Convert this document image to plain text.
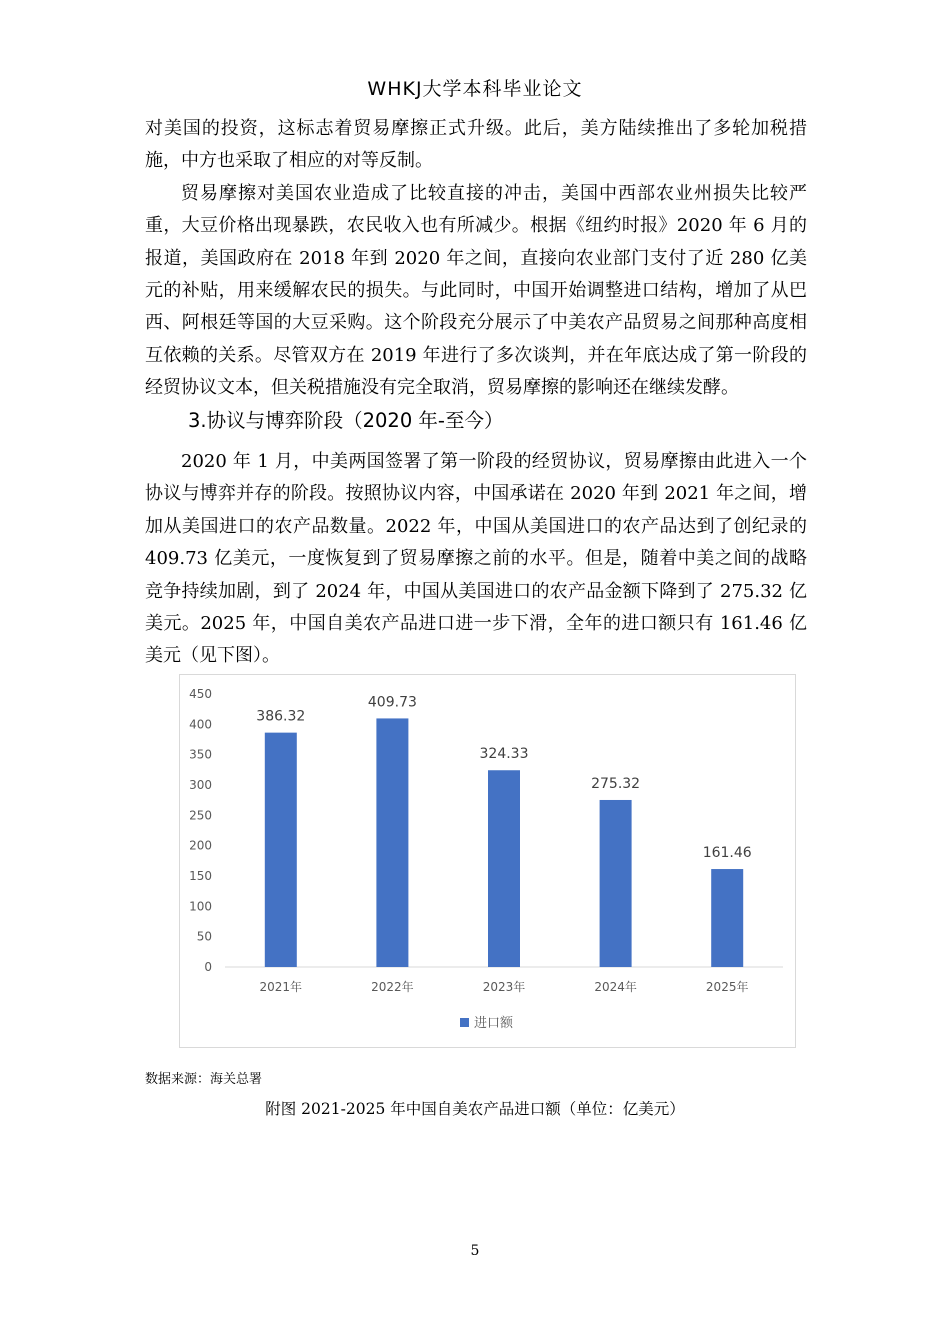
WHKJ大学本科毕业论文

对美国的投资，这标志着贸易摩擦正式升级。此后，美方陆续推出了多轮加税措施，中方也采取了相应的对等反制。

贸易摩擦对美国农业造成了比较直接的冲击，美国中西部农业州损失比较严重，大豆价格出现暴跌，农民收入也有所减少。根据《纽约时报》2020 年 6 月的报道，美国政府在 2018 年到 2020 年之间，直接向农业部门支付了近 280 亿美元的补贴，用来缓解农民的损失。与此同时，中国开始调整进口结构，增加了从巴西、阿根廷等国的大豆采购。这个阶段充分展示了中美农产品贸易之间那种高度相互依赖的关系。尽管双方在 2019 年进行了多次谈判，并在年底达成了第一阶段的经贸协议文本，但关税措施没有完全取消，贸易摩擦的影响还在继续发酵。

3.协议与博弈阶段（2020 年-至今）

2020 年 1 月，中美两国签署了第一阶段的经贸协议，贸易摩擦由此进入一个协议与博弈并存的阶段。按照协议内容，中国承诺在 2020 年到 2021 年之间，增加从美国进口的农产品数量。2022 年，中国从美国进口的农产品达到了创纪录的 409.73 亿美元，一度恢复到了贸易摩擦之前的水平。但是，随着中美之间的战略竞争持续加剧，到了 2024 年，中国从美国进口的农产品金额下降到了 275.32 亿美元。2025 年，中国自美农产品进口进一步下滑，全年的进口额只有 161.46 亿美元（见下图）。

0
50
100
150
200
250
300
350
400
450
386.32
2021年
409.73
2022年
324.33
2023年
275.32
2024年
161.46
2025年
进口额
数据来源：海关总署
附图 2021-2025 年中国自美农产品进口额（单位：亿美元）
5
